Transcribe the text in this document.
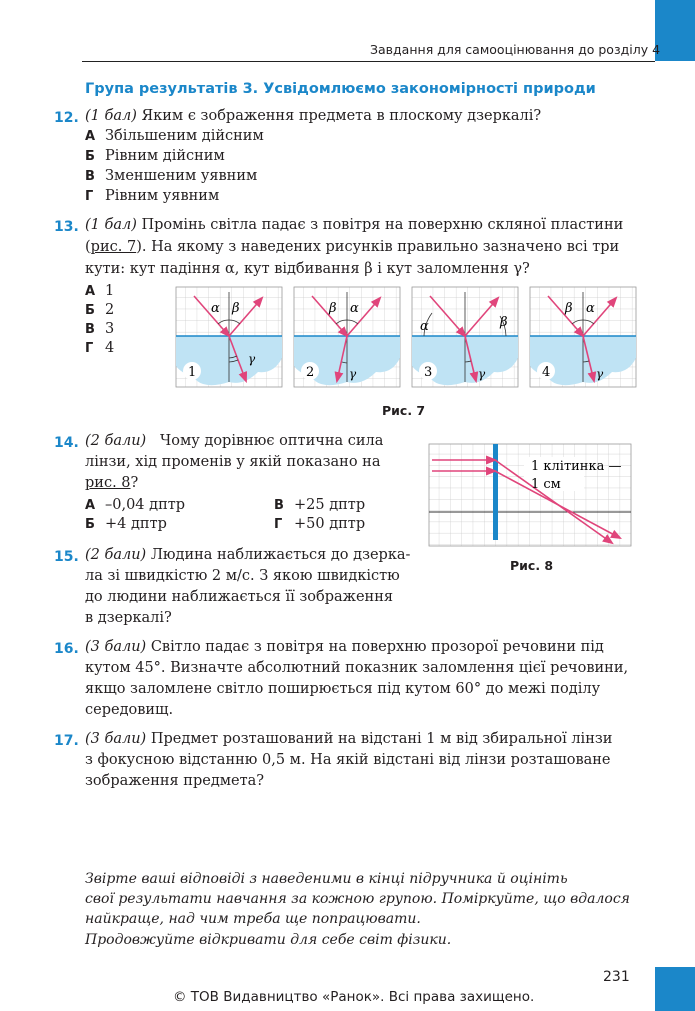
Завдання для самооцінювання до розділу 4
Група результатів 3. Усвідомлюємо закономірності природи
12. (1 бал) Яким є зображення предмета в плоскому дзеркалі?
А Збільшеним дійсним
Б Рівним дійсним
В Зменшеним уявним
Г Рівним уявним
13. (1 бал) Промінь світла падає з повітря на поверхню скляної пластини
(рис. 7). На якому з наведених рисунків правильно зазначено всі три
кути: кут падіння α, кут відбивання β і кут заломлення γ?
А 1
Б 2
В 3
Г 4
1
α β
γ
2
β α
γ	3
α	β
γ	4
β α
γ
Рис. 7
14. (2 бали) Чому дорівнює оптична сила
лінзи, хід променів у якій показано на
рис. 8?
А –0,04 дптр
Б +4 дптр
В +25 дптр
Г +50 дптр
1 клітинка —
1 см
Рис. 8
15. (2 бали) Людина наближається до дзерка-
ла зі швидкістю 2 м/с. З якою швидкістю
до людини наближається її зображення
в дзеркалі?
16. (3 бали) Світло падає з повітря на поверхню прозорої речовини під
кутом 45°. Визначте абсолютний показник заломлення цієї речовини,
якщо заломлене світло поширюється під кутом 60° до межі поділу
середовищ.
17. (3 бали) Предмет розташований на відстані 1 м від збиральної лінзи
з фокусною відстанню 0,5 м. На якій відстані від лінзи розташоване
зображення предмета?
Звірте ваші відповіді з наведеними в кінці підручника й оцініть
свої результати навчання за кожною групою. Поміркуйте, що вдалося
найкраще, над чим треба ще попрацювати.
Продовжуйте відкривати для себе світ фізики.
231
© ТОВ Видавництво «Ранок». Всі права захищено.
